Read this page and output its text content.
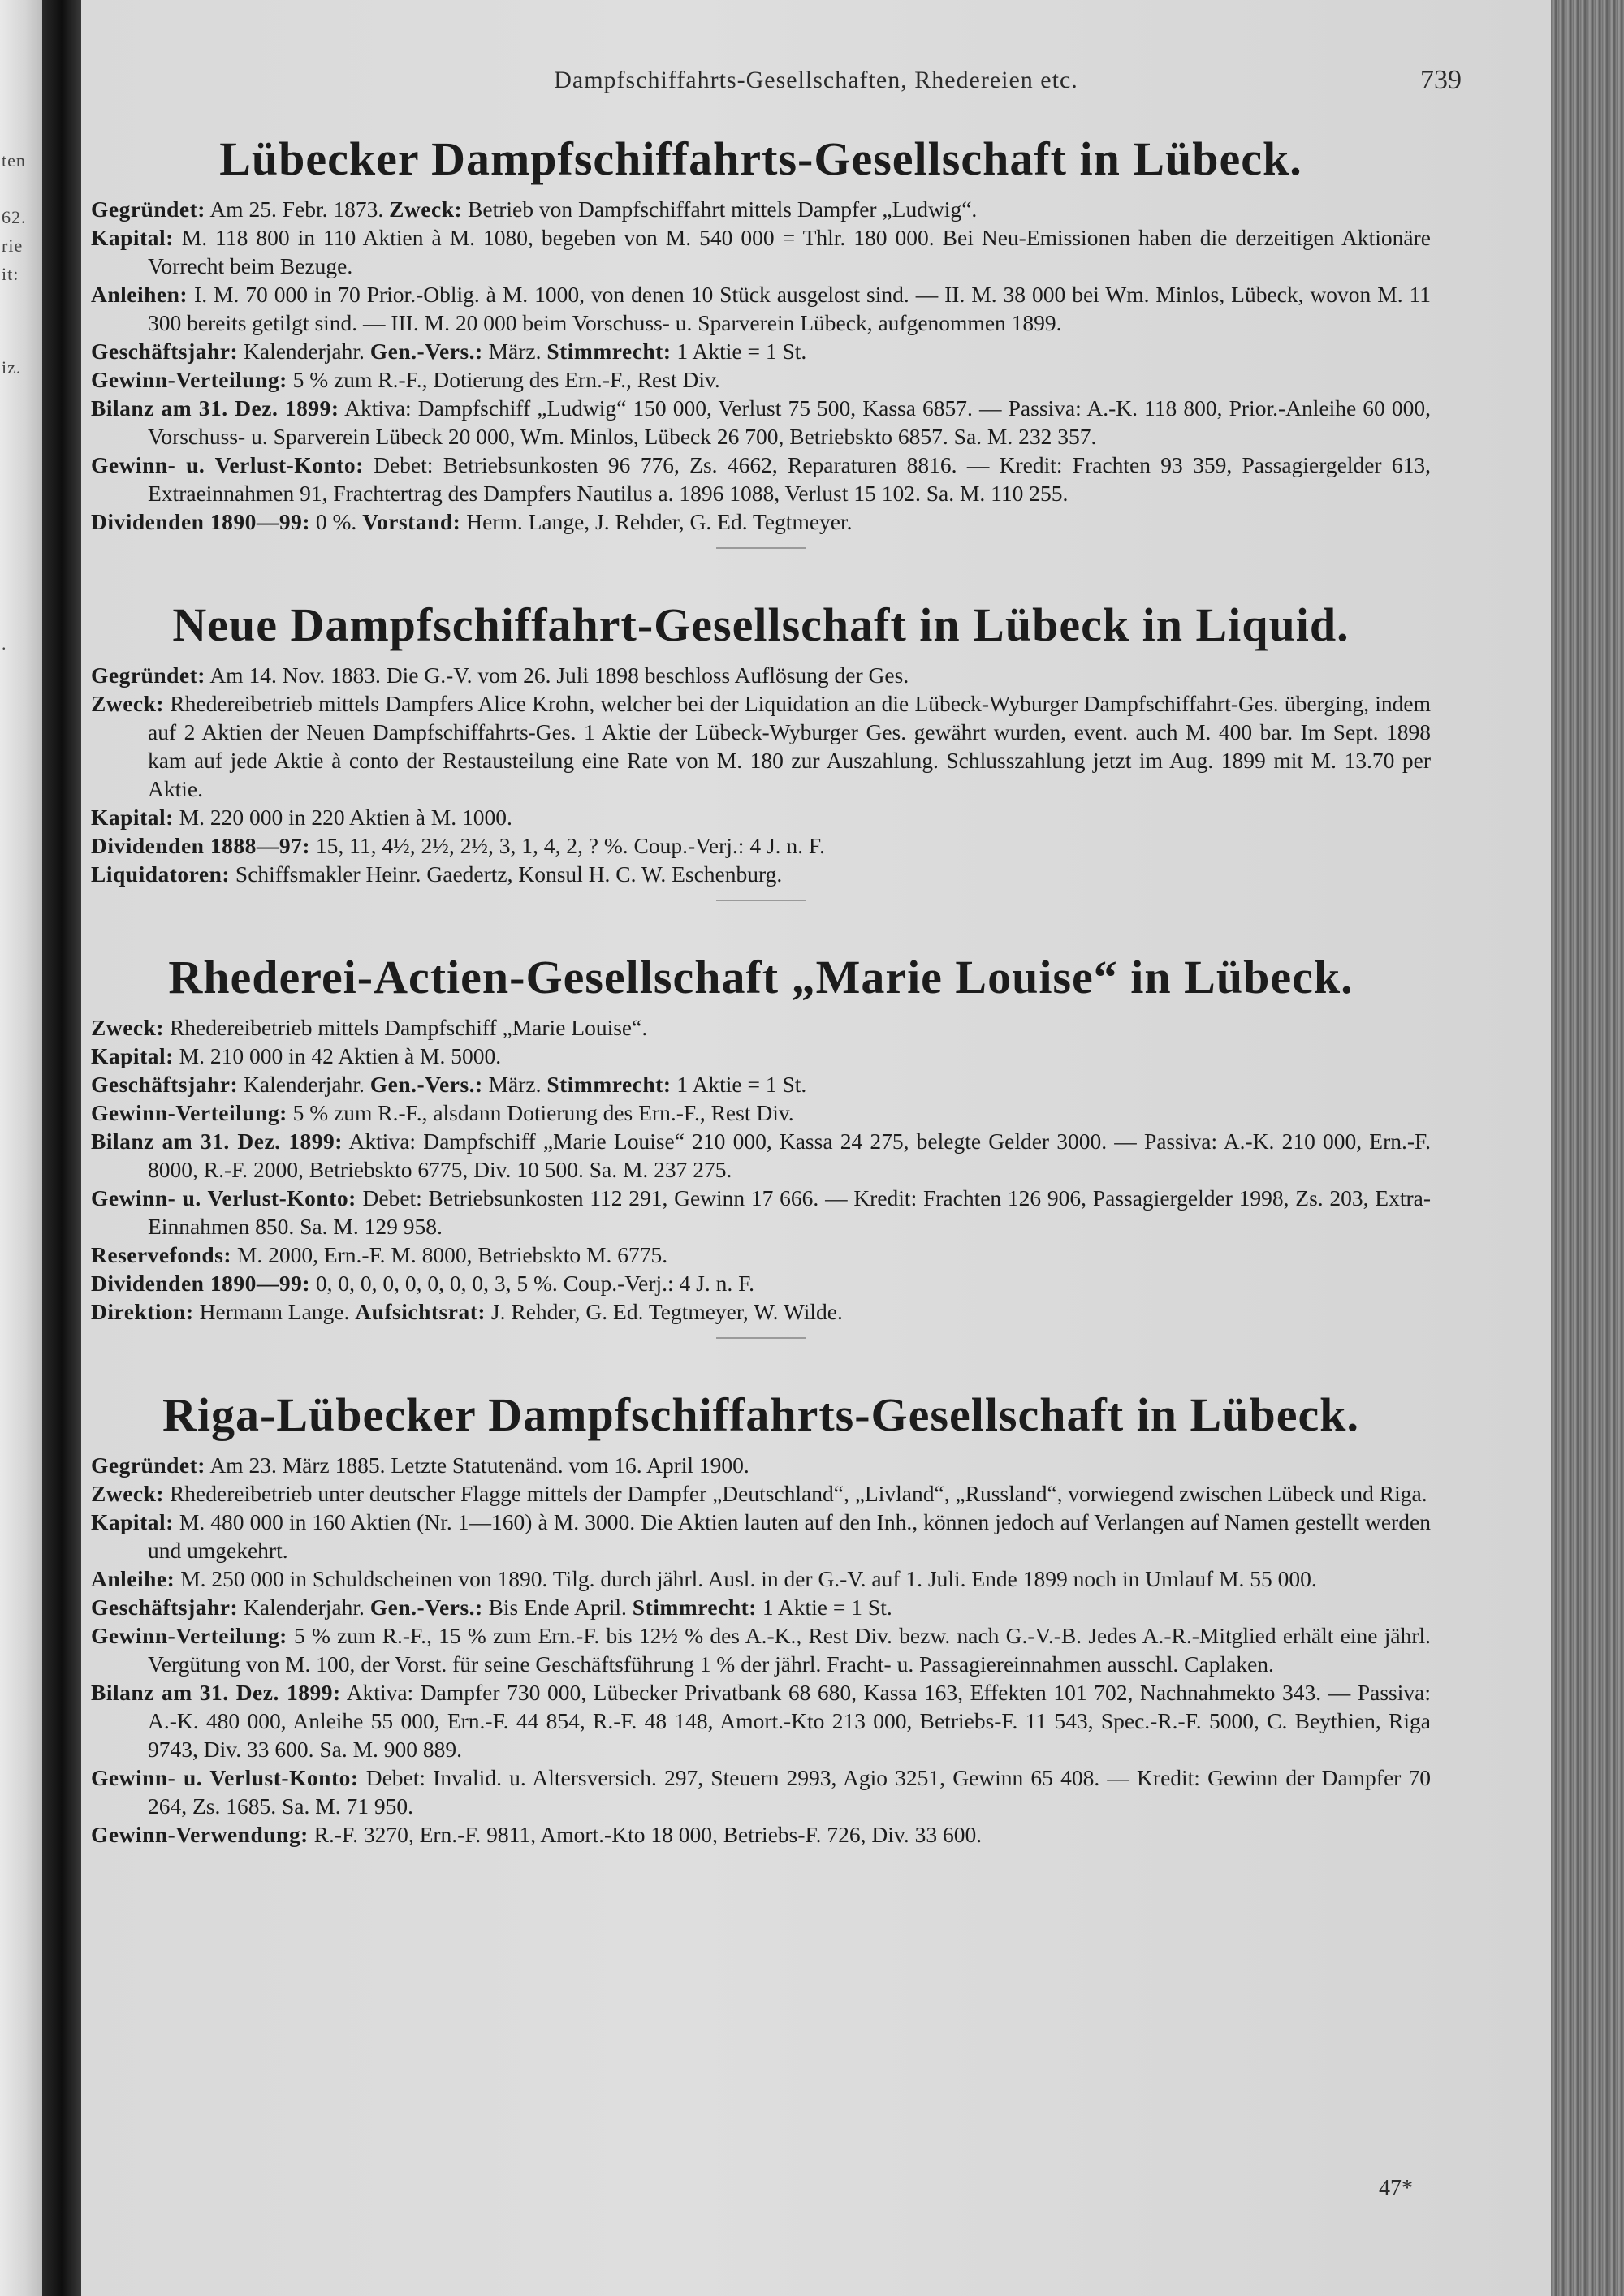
ten
62.
rie
it:
iz.
.
Dampfschiffahrts-Gesellschaften, Rhedereien etc.	739
Lübecker Dampfschiffahrts-Gesellschaft in Lübeck.
Gegründet: Am 25. Febr. 1873. Zweck: Betrieb von Dampfschiffahrt mittels Dampfer „Ludwig“.
Kapital: M. 118 800 in 110 Aktien à M. 1080, begeben von M. 540 000 = Thlr. 180 000. Bei Neu-Emissionen haben die derzeitigen Aktionäre Vorrecht beim Bezuge.
Anleihen: I. M. 70 000 in 70 Prior.-Oblig. à M. 1000, von denen 10 Stück ausgelost sind. — II. M. 38 000 bei Wm. Minlos, Lübeck, wovon M. 11 300 bereits getilgt sind. — III. M. 20 000 beim Vorschuss- u. Sparverein Lübeck, aufgenommen 1899.
Geschäftsjahr: Kalenderjahr. Gen.-Vers.: März. Stimmrecht: 1 Aktie = 1 St.
Gewinn-Verteilung: 5 % zum R.-F., Dotierung des Ern.-F., Rest Div.
Bilanz am 31. Dez. 1899: Aktiva: Dampfschiff „Ludwig“ 150 000, Verlust 75 500, Kassa 6857. — Passiva: A.-K. 118 800, Prior.-Anleihe 60 000, Vorschuss- u. Sparverein Lübeck 20 000, Wm. Minlos, Lübeck 26 700, Betriebskto 6857. Sa. M. 232 357.
Gewinn- u. Verlust-Konto: Debet: Betriebsunkosten 96 776, Zs. 4662, Reparaturen 8816. — Kredit: Frachten 93 359, Passagiergelder 613, Extraeinnahmen 91, Frachtertrag des Dampfers Nautilus a. 1896 1088, Verlust 15 102. Sa. M. 110 255.
Dividenden 1890—99: 0 %. Vorstand: Herm. Lange, J. Rehder, G. Ed. Tegtmeyer.
Neue Dampfschiffahrt-Gesellschaft in Lübeck in Liquid.
Gegründet: Am 14. Nov. 1883. Die G.-V. vom 26. Juli 1898 beschloss Auflösung der Ges.
Zweck: Rhedereibetrieb mittels Dampfers Alice Krohn, welcher bei der Liquidation an die Lübeck-Wyburger Dampfschiffahrt-Ges. überging, indem auf 2 Aktien der Neuen Dampfschiffahrts-Ges. 1 Aktie der Lübeck-Wyburger Ges. gewährt wurden, event. auch M. 400 bar. Im Sept. 1898 kam auf jede Aktie à conto der Restausteilung eine Rate von M. 180 zur Auszahlung. Schlusszahlung jetzt im Aug. 1899 mit M. 13.70 per Aktie.
Kapital: M. 220 000 in 220 Aktien à M. 1000.
Dividenden 1888—97: 15, 11, 4½, 2½, 2½, 3, 1, 4, 2, ? %. Coup.-Verj.: 4 J. n. F.
Liquidatoren: Schiffsmakler Heinr. Gaedertz, Konsul H. C. W. Eschenburg.
Rhederei-Actien-Gesellschaft „Marie Louise“ in Lübeck.
Zweck: Rhedereibetrieb mittels Dampfschiff „Marie Louise“.
Kapital: M. 210 000 in 42 Aktien à M. 5000.
Geschäftsjahr: Kalenderjahr. Gen.-Vers.: März. Stimmrecht: 1 Aktie = 1 St.
Gewinn-Verteilung: 5 % zum R.-F., alsdann Dotierung des Ern.-F., Rest Div.
Bilanz am 31. Dez. 1899: Aktiva: Dampfschiff „Marie Louise“ 210 000, Kassa 24 275, belegte Gelder 3000. — Passiva: A.-K. 210 000, Ern.-F. 8000, R.-F. 2000, Betriebskto 6775, Div. 10 500. Sa. M. 237 275.
Gewinn- u. Verlust-Konto: Debet: Betriebsunkosten 112 291, Gewinn 17 666. — Kredit: Frachten 126 906, Passagiergelder 1998, Zs. 203, Extra-Einnahmen 850. Sa. M. 129 958.
Reservefonds: M. 2000, Ern.-F. M. 8000, Betriebskto M. 6775.
Dividenden 1890—99: 0, 0, 0, 0, 0, 0, 0, 0, 3, 5 %. Coup.-Verj.: 4 J. n. F.
Direktion: Hermann Lange. Aufsichtsrat: J. Rehder, G. Ed. Tegtmeyer, W. Wilde.
Riga-Lübecker Dampfschiffahrts-Gesellschaft in Lübeck.
Gegründet: Am 23. März 1885. Letzte Statutenänd. vom 16. April 1900.
Zweck: Rhedereibetrieb unter deutscher Flagge mittels der Dampfer „Deutschland“, „Livland“, „Russland“, vorwiegend zwischen Lübeck und Riga.
Kapital: M. 480 000 in 160 Aktien (Nr. 1—160) à M. 3000. Die Aktien lauten auf den Inh., können jedoch auf Verlangen auf Namen gestellt werden und umgekehrt.
Anleihe: M. 250 000 in Schuldscheinen von 1890. Tilg. durch jährl. Ausl. in der G.-V. auf 1. Juli. Ende 1899 noch in Umlauf M. 55 000.
Geschäftsjahr: Kalenderjahr. Gen.-Vers.: Bis Ende April. Stimmrecht: 1 Aktie = 1 St.
Gewinn-Verteilung: 5 % zum R.-F., 15 % zum Ern.-F. bis 12½ % des A.-K., Rest Div. bezw. nach G.-V.-B. Jedes A.-R.-Mitglied erhält eine jährl. Vergütung von M. 100, der Vorst. für seine Geschäftsführung 1 % der jährl. Fracht- u. Passagiereinnahmen ausschl. Caplaken.
Bilanz am 31. Dez. 1899: Aktiva: Dampfer 730 000, Lübecker Privatbank 68 680, Kassa 163, Effekten 101 702, Nachnahmekto 343. — Passiva: A.-K. 480 000, Anleihe 55 000, Ern.-F. 44 854, R.-F. 48 148, Amort.-Kto 213 000, Betriebs-F. 11 543, Spec.-R.-F. 5000, C. Beythien, Riga 9743, Div. 33 600. Sa. M. 900 889.
Gewinn- u. Verlust-Konto: Debet: Invalid. u. Altersversich. 297, Steuern 2993, Agio 3251, Gewinn 65 408. — Kredit: Gewinn der Dampfer 70 264, Zs. 1685. Sa. M. 71 950.
Gewinn-Verwendung: R.-F. 3270, Ern.-F. 9811, Amort.-Kto 18 000, Betriebs-F. 726, Div. 33 600.
47*
